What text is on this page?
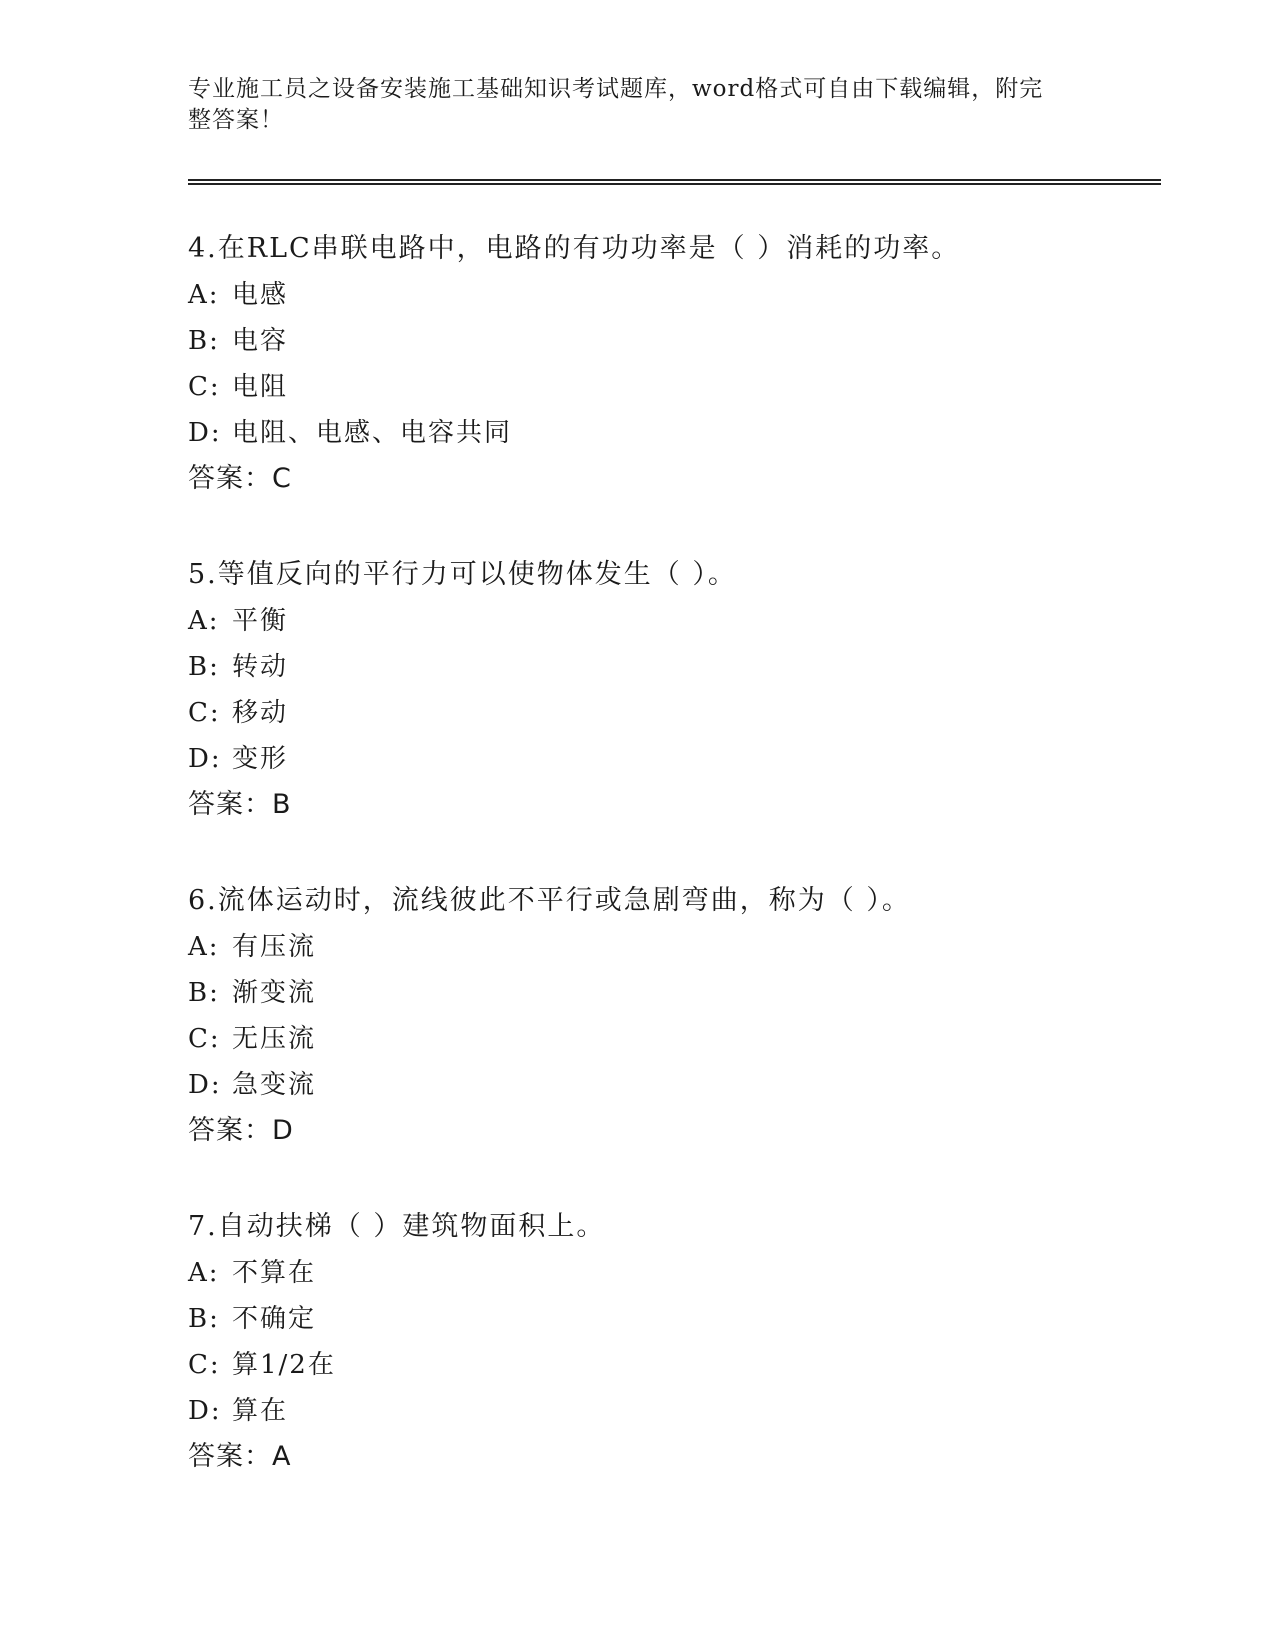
专业施工员之设备安装施工基础知识考试题库，word格式可自由下载编辑，附完
整答案！
4.在RLC串联电路中，电路的有功功率是（ ）消耗的功率。
A: 电感
B: 电容
C: 电阻
D: 电阻、电感、电容共同
答案：C
5.等值反向的平行力可以使物体发生（ ）。
A: 平衡
B: 转动
C: 移动
D: 变形
答案：B
6.流体运动时，流线彼此不平行或急剧弯曲，称为（ ）。
A: 有压流
B: 渐变流
C: 无压流
D: 急变流
答案：D
7.自动扶梯（ ）建筑物面积上。
A: 不算在
B: 不确定
C: 算1/2在
D: 算在
答案：A
